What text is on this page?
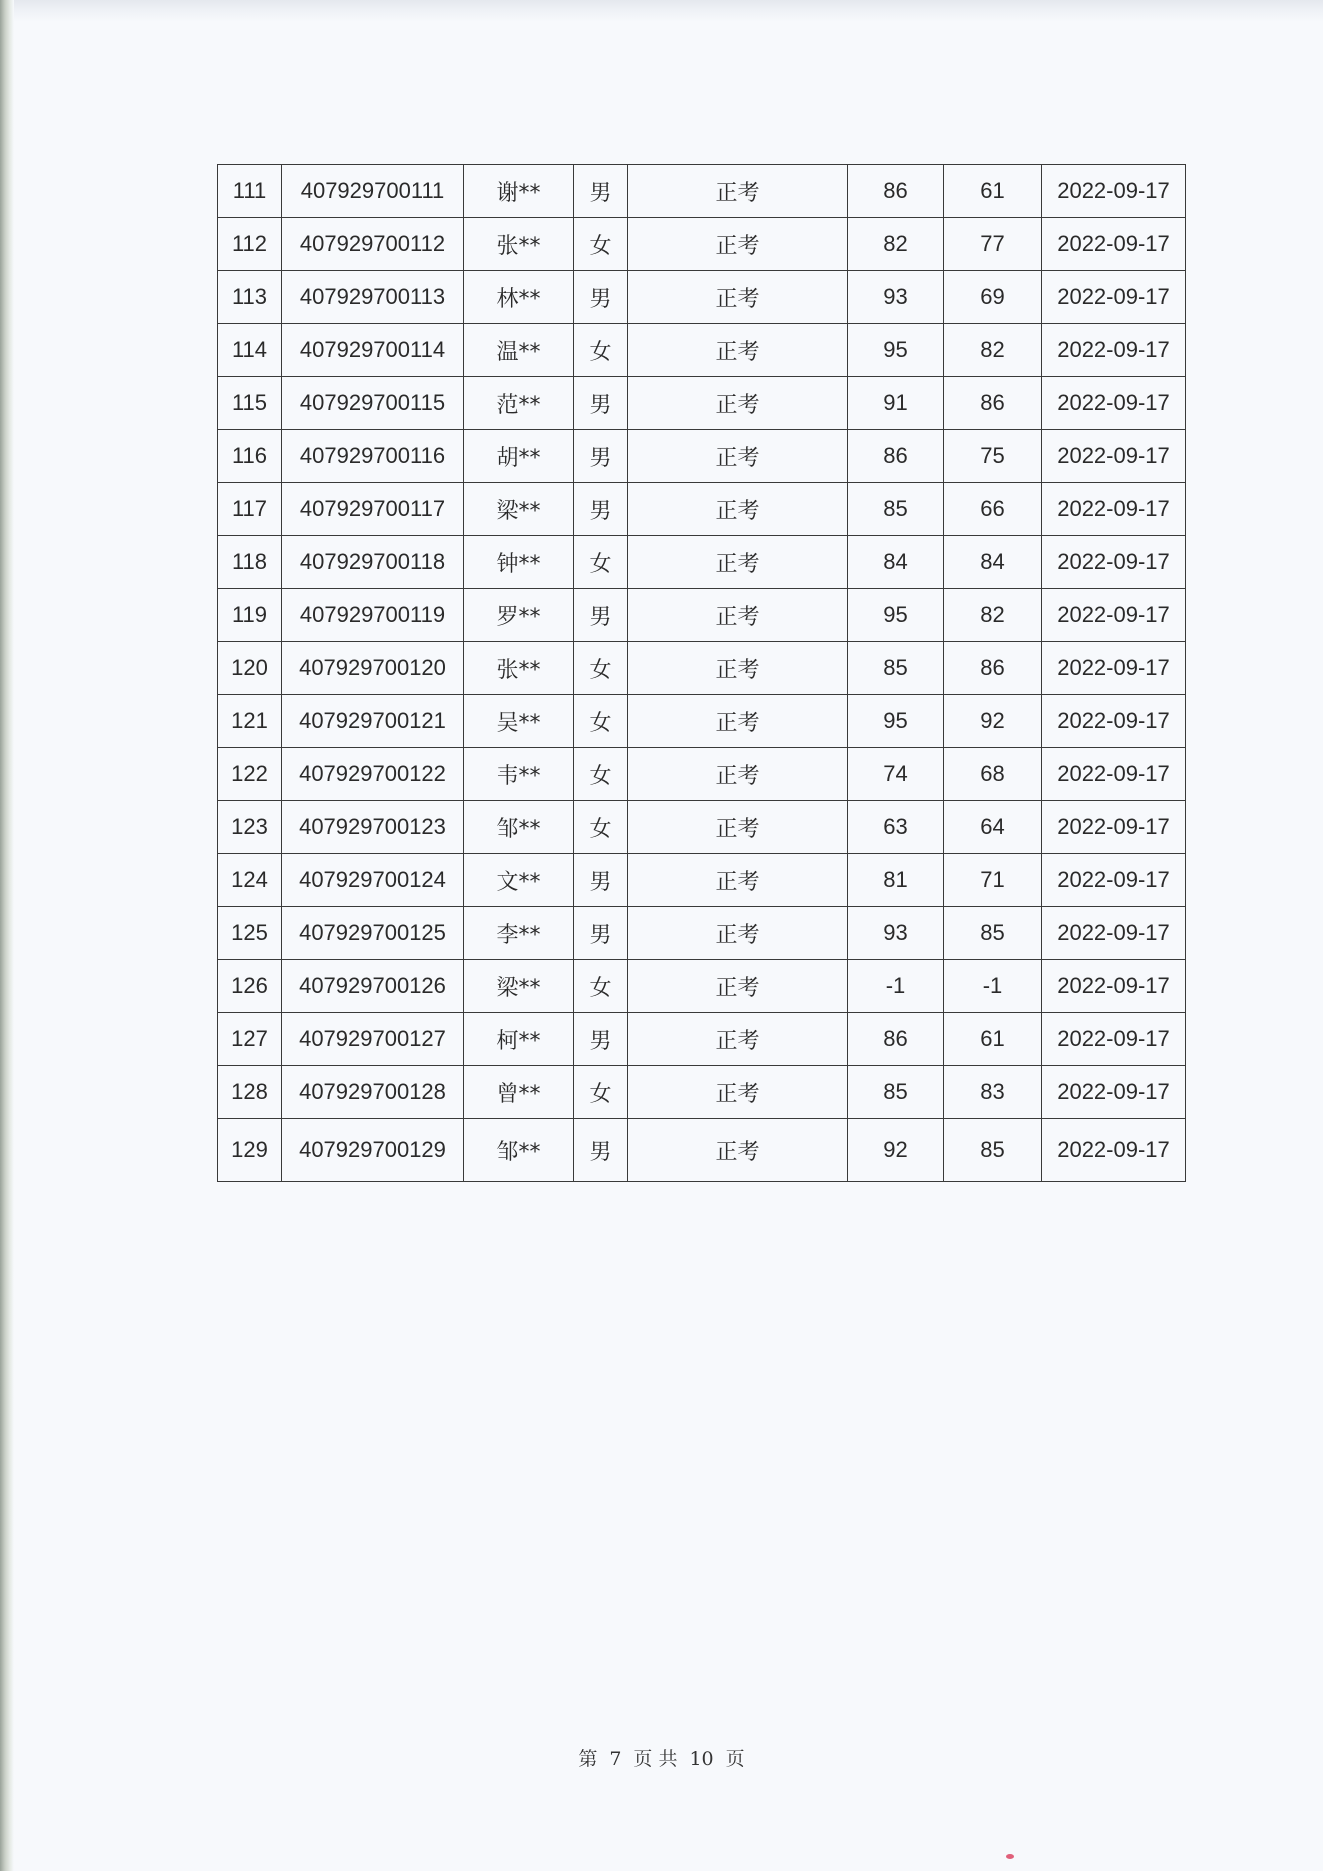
111	407929700111	谢**	男	正考	86	61	2022-09-17
112	407929700112	张**	女	正考	82	77	2022-09-17
113	407929700113	林**	男	正考	93	69	2022-09-17
114	407929700114	温**	女	正考	95	82	2022-09-17
115	407929700115	范**	男	正考	91	86	2022-09-17
116	407929700116	胡**	男	正考	86	75	2022-09-17
117	407929700117	梁**	男	正考	85	66	2022-09-17
118	407929700118	钟**	女	正考	84	84	2022-09-17
119	407929700119	罗**	男	正考	95	82	2022-09-17
120	407929700120	张**	女	正考	85	86	2022-09-17
121	407929700121	吴**	女	正考	95	92	2022-09-17
122	407929700122	韦**	女	正考	74	68	2022-09-17
123	407929700123	邹**	女	正考	63	64	2022-09-17
124	407929700124	文**	男	正考	81	71	2022-09-17
125	407929700125	李**	男	正考	93	85	2022-09-17
126	407929700126	梁**	女	正考	-1	-1	2022-09-17
127	407929700127	柯**	男	正考	86	61	2022-09-17
128	407929700128	曾**	女	正考	85	83	2022-09-17
129	407929700129	邹**	男	正考	92	85	2022-09-17
第 7 页 共 10 页
